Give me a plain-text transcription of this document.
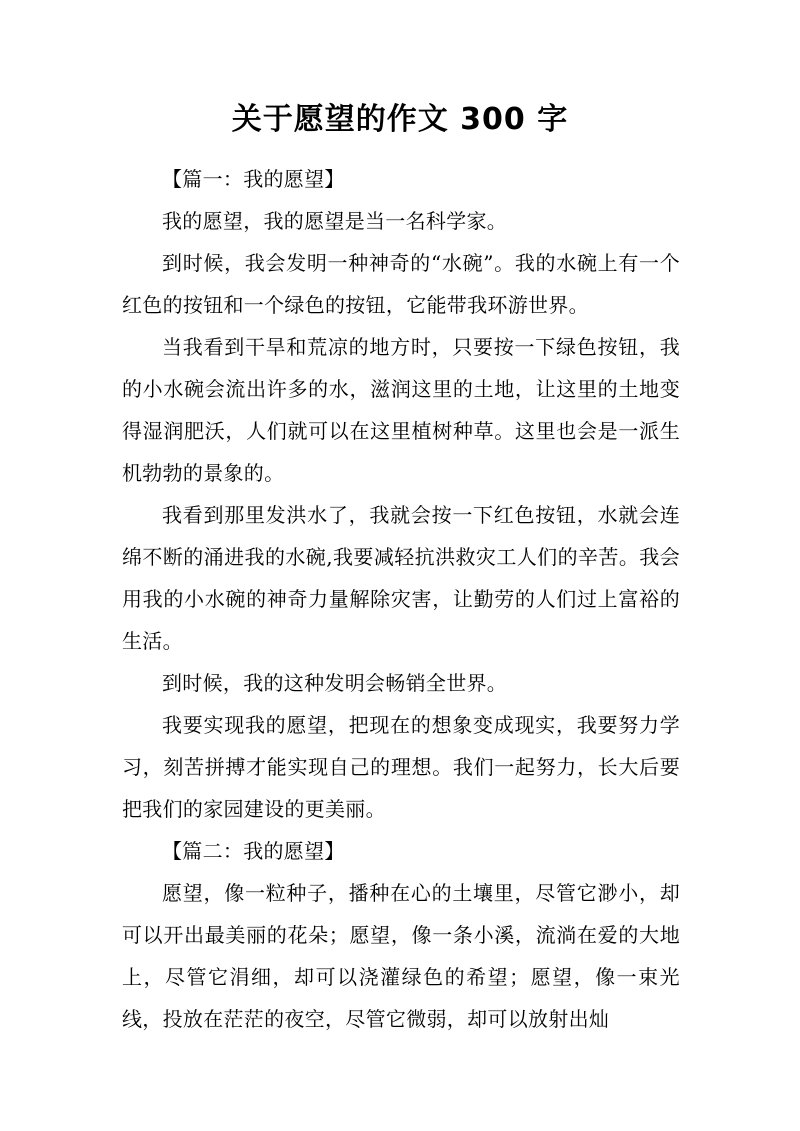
关于愿望的作文 300 字

【篇一：我的愿望】

我的愿望，我的愿望是当一名科学家。

到时候，我会发明一种神奇的“水碗”。我的水碗上有一个红色的按钮和一个绿色的按钮，它能带我环游世界。

当我看到干旱和荒凉的地方时，只要按一下绿色按钮，我的小水碗会流出许多的水，滋润这里的土地，让这里的土地变得湿润肥沃，人们就可以在这里植树种草。这里也会是一派生机勃勃的景象的。

我看到那里发洪水了，我就会按一下红色按钮，水就会连绵不断的涌进我的水碗,我要减轻抗洪救灾工人们的辛苦。我会用我的小水碗的神奇力量解除灾害，让勤劳的人们过上富裕的生活。

到时候，我的这种发明会畅销全世界。

我要实现我的愿望，把现在的想象变成现实，我要努力学习，刻苦拼搏才能实现自己的理想。我们一起努力，长大后要把我们的家园建设的更美丽。

【篇二：我的愿望】

愿望，像一粒种子，播种在心的土壤里，尽管它渺小，却可以开出最美丽的花朵；愿望，像一条小溪，流淌在爱的大地上，尽管它涓细，却可以浇灌绿色的希望；愿望，像一束光线，投放在茫茫的夜空，尽管它微弱，却可以放射出灿
